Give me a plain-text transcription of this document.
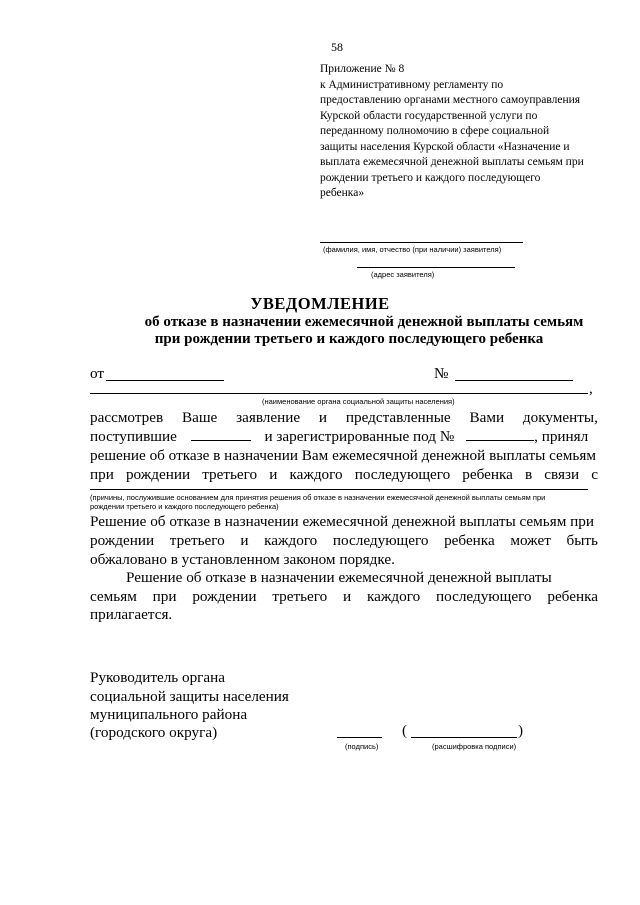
58
Приложение № 8
к Административному регламенту по
предоставлению органами местного самоуправления
Курской области государственной услуги по
переданному полномочию в сфере социальной
защиты населения Курской области «Назначение и
выплата ежемесячной денежной выплаты семьям при
рождении третьего и каждого последующего
ребенка»
(фамилия, имя, отчество (при наличии) заявителя)
(адрес заявителя)
УВЕДОМЛЕНИЕ
об отказе в назначении ежемесячной денежной выплаты семьям
при рождении третьего и каждого последующего ребенка
от	№
,
(наименование органа социальной защиты населения)
рассмотрев Ваше заявление и представленные Вами документы,
поступившие	и зарегистрированные под №	, принял
решение об отказе в назначении Вам ежемесячной денежной выплаты семьям
при рождении третьего и каждого последующего ребенка в связи с
(причины, послужившие основанием для принятия решения об отказе в назначении ежемесячной денежной выплаты семьям при
рождении третьего и каждого последующего ребенка)
Решение об отказе в назначении ежемесячной денежной выплаты семьям при
рождении третьего и каждого последующего ребенка может быть
обжаловано в установленном законом порядке.
Решение об отказе в назначении ежемесячной денежной выплаты
семьям при рождении третьего и каждого последующего ребенка
прилагается.
Руководитель органа
социальной защиты населения
муниципального района
(городского округа)
(подпись)
(	)
(расшифровка подписи)
